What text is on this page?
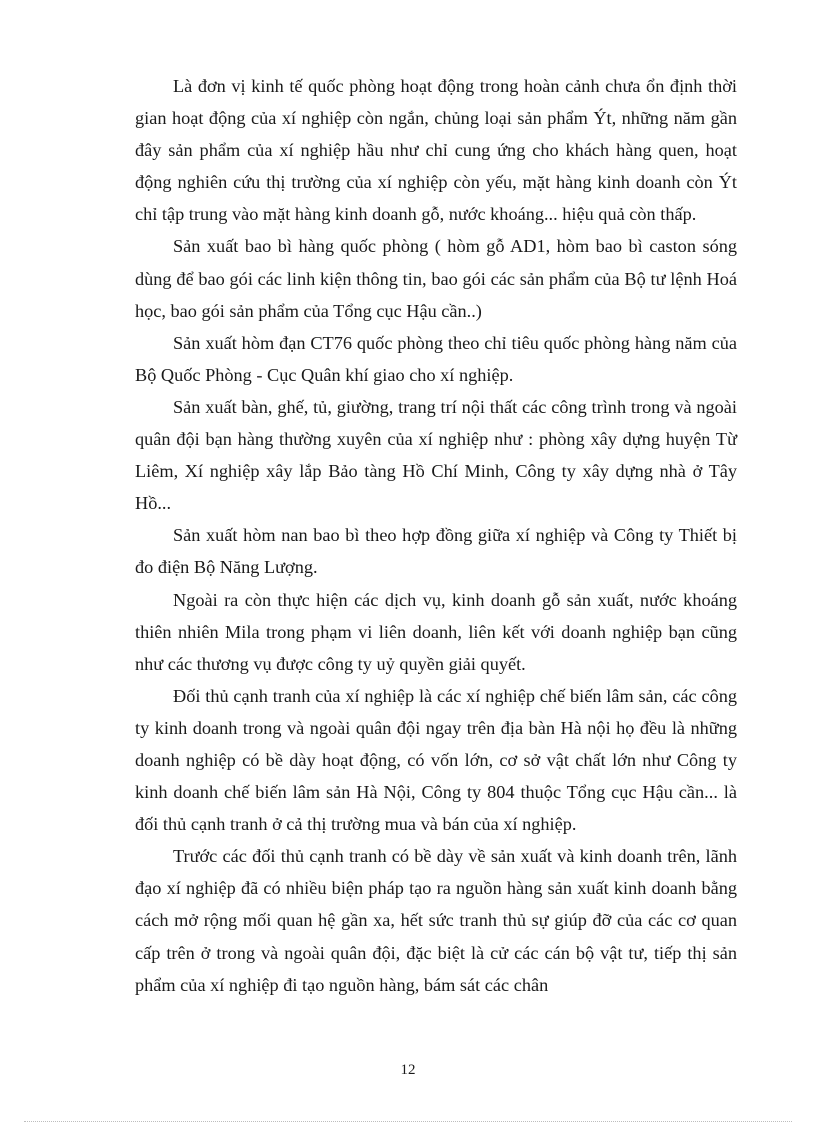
Là đơn vị kinh tế quốc phòng hoạt động trong hoàn cảnh chưa ổn định thời gian hoạt động của xí nghiệp còn ngắn, chủng loại sản phẩm Ýt, những năm gần đây sản phẩm của xí nghiệp hầu như chỉ cung ứng cho khách hàng quen, hoạt động nghiên cứu thị trường của xí nghiệp còn yếu, mặt hàng kinh doanh còn Ýt chỉ tập trung vào mặt hàng kinh doanh gỗ, nước khoáng... hiệu quả còn thấp.

Sản xuất bao bì hàng quốc phòng ( hòm gỗ AD1, hòm bao bì caston sóng dùng để bao gói các linh kiện thông tin, bao gói các sản phẩm của Bộ tư lệnh Hoá học, bao gói sản phẩm của Tổng cục Hậu cần..)

Sản xuất hòm đạn CT76 quốc phòng theo chỉ tiêu quốc phòng hàng năm của Bộ Quốc Phòng - Cục Quân khí giao cho xí nghiệp.

Sản xuất bàn, ghế, tủ, giường, trang trí nội thất các công trình trong và ngoài quân đội bạn hàng thường xuyên của xí nghiệp như : phòng xây dựng huyện Từ Liêm, Xí nghiệp xây lắp Bảo tàng Hồ Chí Minh, Công ty xây dựng nhà ở Tây Hồ...

Sản xuất hòm nan bao bì theo hợp đồng giữa xí nghiệp và Công ty Thiết bị đo điện Bộ Năng Lượng.

Ngoài ra còn thực hiện các dịch vụ, kinh doanh gỗ sản xuất, nước khoáng thiên nhiên Mila trong phạm vi liên doanh, liên kết với doanh nghiệp bạn cũng như các thương vụ được công ty uỷ quyền giải quyết.

Đối thủ cạnh tranh của xí nghiệp là các xí nghiệp chế biến lâm sản, các công ty kinh doanh trong và ngoài quân đội ngay trên địa bàn Hà nội họ đều là những doanh nghiệp có bề dày hoạt động, có vốn lớn, cơ sở vật chất lớn như Công ty kinh doanh chế biến lâm sản Hà Nội, Công ty 804 thuộc Tổng cục Hậu cần... là đối thủ cạnh tranh ở cả thị trường mua và bán của xí nghiệp.

Trước các đối thủ cạnh tranh có bề dày về sản xuất và kinh doanh trên, lãnh đạo xí nghiệp đã có nhiều biện pháp tạo ra nguồn hàng sản xuất kinh doanh bằng cách mở rộng mối quan hệ gần xa, hết sức tranh thủ sự giúp đỡ của các cơ quan cấp trên ở trong và ngoài quân đội, đặc biệt là cử các cán bộ vật tư, tiếp thị sản phẩm của xí nghiệp đi tạo nguồn hàng, bám sát các chân

12
